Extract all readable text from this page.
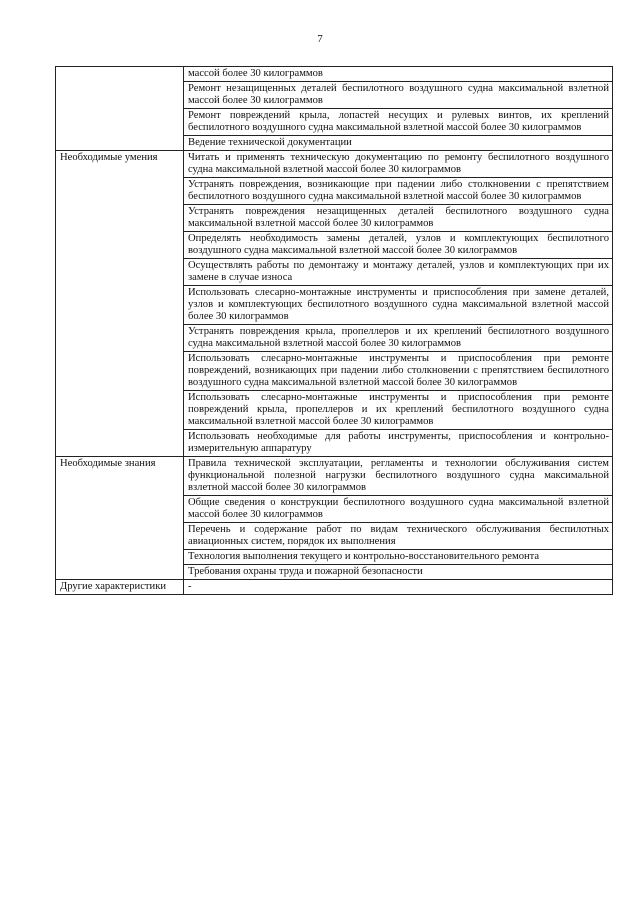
7
	массой более 30 килограммов
	Ремонт незащищенных деталей беспилотного воздушного судна максимальной взлетной массой более 30 килограммов
	Ремонт повреждений крыла, лопастей несущих и рулевых винтов, их креплений беспилотного воздушного судна максимальной взлетной массой более 30 килограммов
	Ведение технической документации
Необходимые умения	Читать и применять техническую документацию по ремонту беспилотного воздушного судна максимальной взлетной массой более 30 килограммов
	Устранять повреждения, возникающие при падении либо столкновении с препятствием беспилотного воздушного судна максимальной взлетной массой более 30 килограммов
	Устранять повреждения незащищенных деталей беспилотного воздушного судна максимальной взлетной массой более 30 килограммов
	Определять необходимость замены деталей, узлов и комплектующих беспилотного воздушного судна максимальной взлетной массой более 30 килограммов
	Осуществлять работы по демонтажу и монтажу деталей, узлов и комплектующих при их замене в случае износа
	Использовать слесарно-монтажные инструменты и приспособления при замене деталей, узлов и комплектующих беспилотного воздушного судна максимальной взлетной массой более 30 килограммов
	Устранять повреждения крыла, пропеллеров и их креплений беспилотного воздушного судна максимальной взлетной массой более 30 килограммов
	Использовать слесарно-монтажные инструменты и приспособления при ремонте повреждений, возникающих при падении либо столкновении с препятствием беспилотного воздушного судна максимальной взлетной массой более 30 килограммов
	Использовать слесарно-монтажные инструменты и приспособления при ремонте повреждений крыла, пропеллеров и их креплений беспилотного воздушного судна максимальной взлетной массой более 30 килограммов
	Использовать необходимые для работы инструменты, приспособления и контрольно-измерительную аппаратуру
Необходимые знания	Правила технической эксплуатации, регламенты и технологии обслуживания систем функциональной полезной нагрузки беспилотного воздушного судна максимальной взлетной массой более 30 килограммов
	Общие сведения о конструкции беспилотного воздушного судна максимальной взлетной массой более 30 килограммов
	Перечень и содержание работ по видам технического обслуживания беспилотных авиационных систем, порядок их выполнения
	Технология выполнения текущего и контрольно-восстановительного ремонта
	Требования охраны труда и пожарной безопасности
Другие характеристики	-
